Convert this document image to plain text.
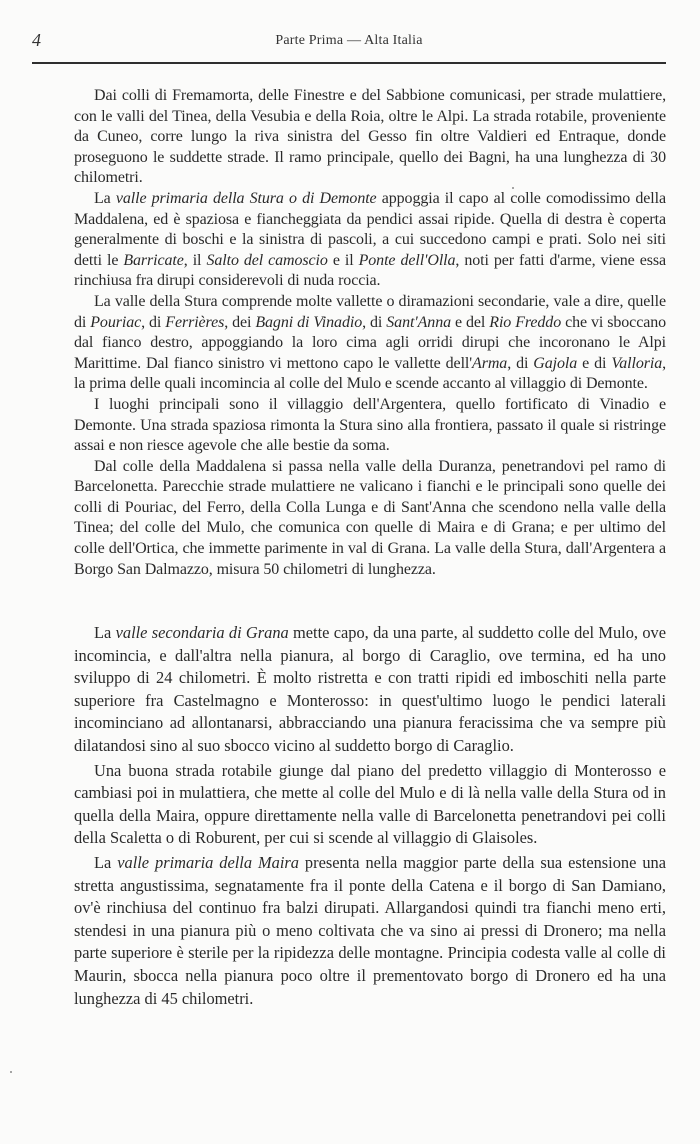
4	Parte Prima — Alta Italia

Dai colli di Fremamorta, delle Finestre e del Sabbione comunicasi, per strade mulattiere, con le valli del Tinea, della Vesubia e della Roia, oltre le Alpi. La strada rotabile, proveniente da Cuneo, corre lungo la riva sinistra del Gesso fin oltre Valdieri ed Entraque, donde proseguono le suddette strade. Il ramo principale, quello dei Bagni, ha una lunghezza di 30 chilometri.

La valle primaria della Stura o di Demonte appoggia il capo al colle comodissimo della Maddalena, ed è spaziosa e fiancheggiata da pendici assai ripide. Quella di destra è coperta generalmente di boschi e la sinistra di pascoli, a cui succedono campi e prati. Solo nei siti detti le Barricate, il Salto del camoscio e il Ponte dell'Olla, noti per fatti d'arme, viene essa rinchiusa fra dirupi considerevoli di nuda roccia.

La valle della Stura comprende molte vallette o diramazioni secondarie, vale a dire, quelle di Pouriac, di Ferrières, dei Bagni di Vinadio, di Sant'Anna e del Rio Freddo che vi sboccano dal fianco destro, appoggiando la loro cima agli orridi dirupi che incoronano le Alpi Marittime. Dal fianco sinistro vi mettono capo le vallette dell'Arma, di Gajola e di Valloria, la prima delle quali incomincia al colle del Mulo e scende accanto al villaggio di Demonte.

I luoghi principali sono il villaggio dell'Argentera, quello fortificato di Vinadio e Demonte. Una strada spaziosa rimonta la Stura sino alla frontiera, passato il quale si ristringe assai e non riesce agevole che alle bestie da soma.

Dal colle della Maddalena si passa nella valle della Duranza, penetrandovi pel ramo di Barcelonetta. Parecchie strade mulattiere ne valicano i fianchi e le principali sono quelle dei colli di Pouriac, del Ferro, della Colla Lunga e di Sant'Anna che scendono nella valle della Tinea; del colle del Mulo, che comunica con quelle di Maira e di Grana; e per ultimo del colle dell'Ortica, che immette parimente in val di Grana. La valle della Stura, dall'Argentera a Borgo San Dalmazzo, misura 50 chilometri di lunghezza.

La valle secondaria di Grana mette capo, da una parte, al suddetto colle del Mulo, ove incomincia, e dall'altra nella pianura, al borgo di Caraglio, ove termina, ed ha uno sviluppo di 24 chilometri. È molto ristretta e con tratti ripidi ed imboschiti nella parte superiore fra Castelmagno e Monterosso: in quest'ultimo luogo le pendici laterali incominciano ad allontanarsi, abbracciando una pianura feracissima che va sempre più dilatandosi sino al suo sbocco vicino al suddetto borgo di Caraglio.

Una buona strada rotabile giunge dal piano del predetto villaggio di Monterosso e cambiasi poi in mulattiera, che mette al colle del Mulo e di là nella valle della Stura od in quella della Maira, oppure direttamente nella valle di Barcelonetta penetrandovi pei colli della Scaletta o di Roburent, per cui si scende al villaggio di Glaisoles.

La valle primaria della Maira presenta nella maggior parte della sua estensione una stretta angustissima, segnatamente fra il ponte della Catena e il borgo di San Damiano, ov'è rinchiusa del continuo fra balzi dirupati. Allargandosi quindi tra fianchi meno erti, stendesi in una pianura più o meno coltivata che va sino ai pressi di Dronero; ma nella parte superiore è sterile per la ripidezza delle montagne. Principia codesta valle al colle di Maurin, sbocca nella pianura poco oltre il prementovato borgo di Dronero ed ha una lunghezza di 45 chilometri.
